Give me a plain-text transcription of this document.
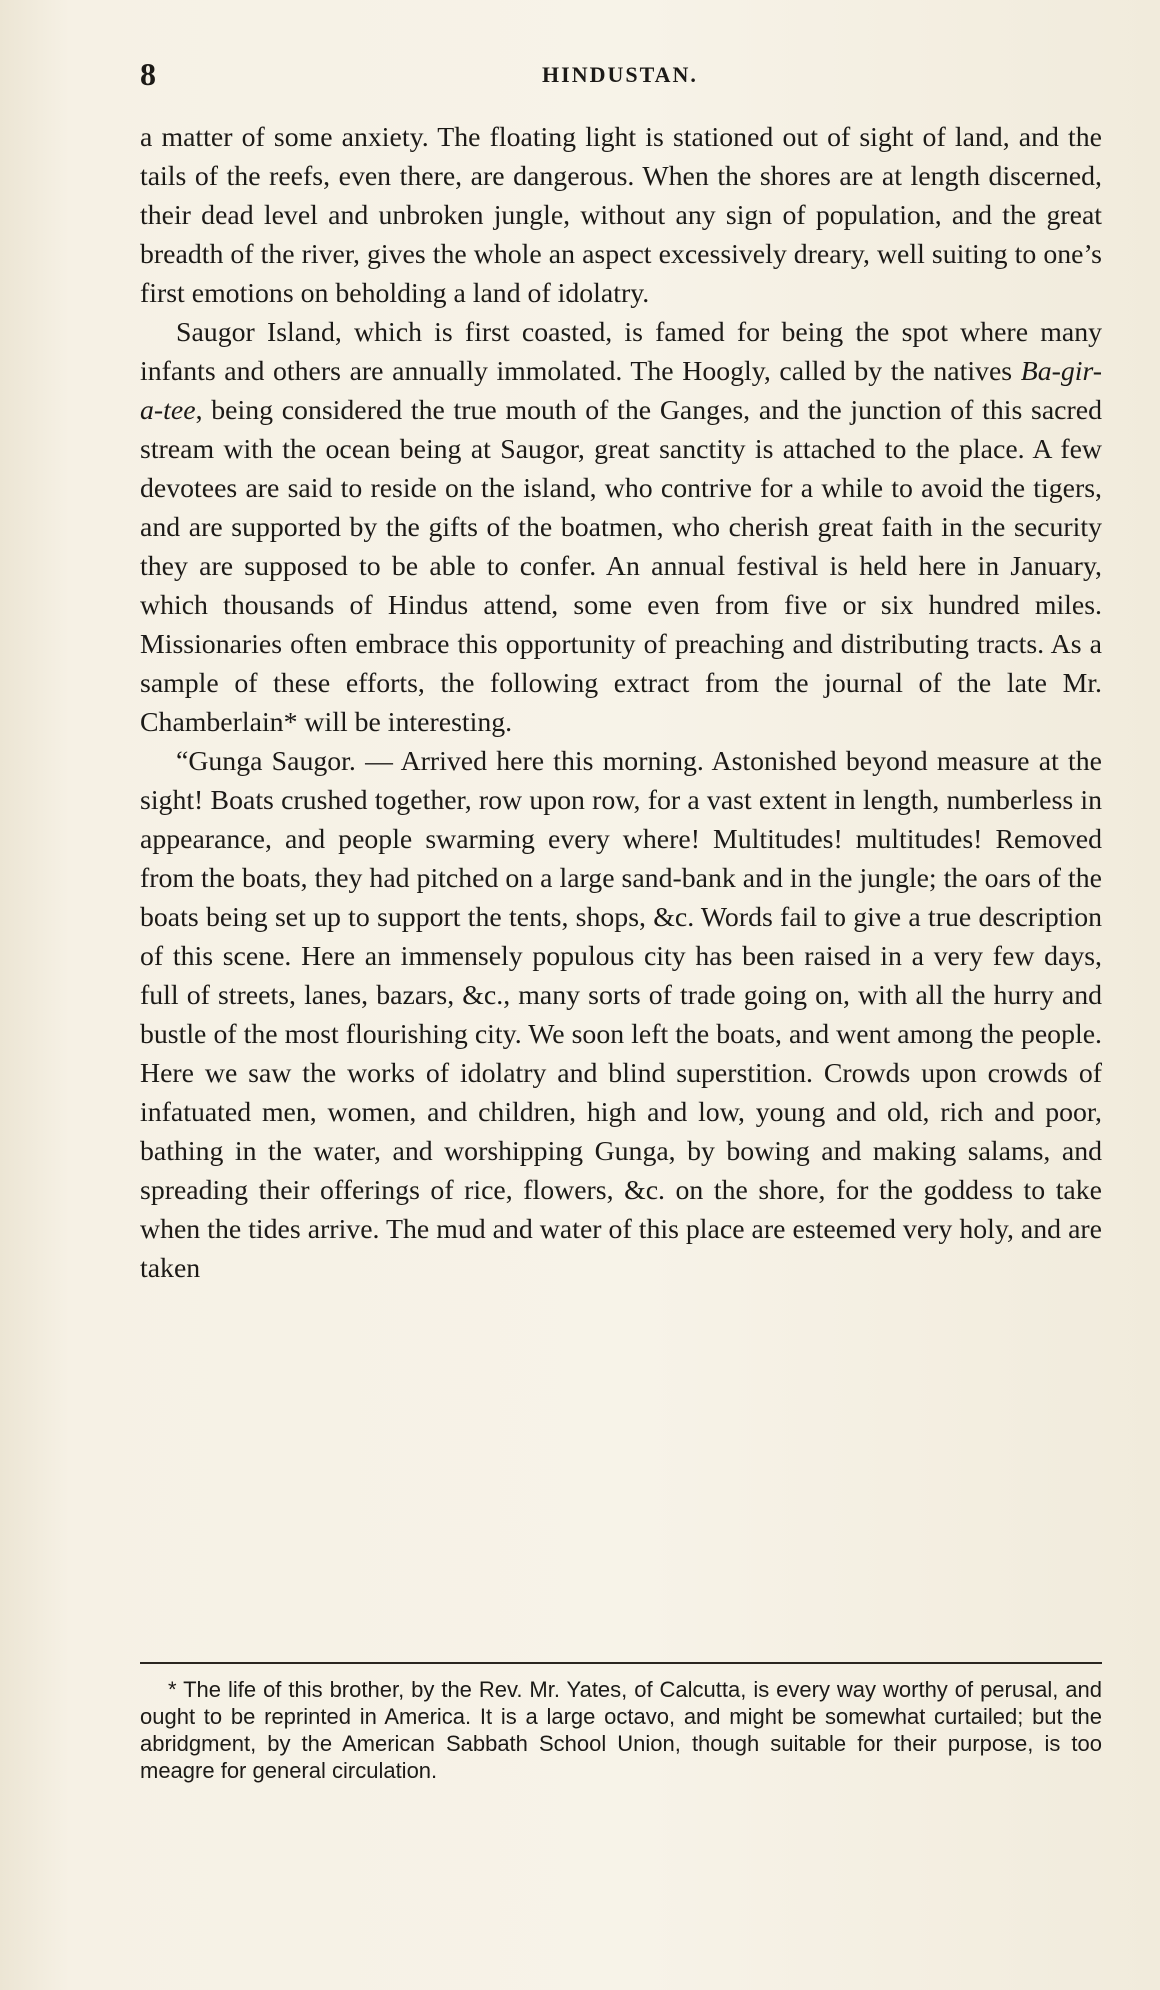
8	HINDUSTAN.

a matter of some anxiety. The floating light is stationed out of sight of land, and the tails of the reefs, even there, are dangerous. When the shores are at length discerned, their dead level and unbroken jungle, without any sign of population, and the great breadth of the river, gives the whole an aspect excessively dreary, well suiting to one’s first emotions on beholding a land of idolatry.

Saugor Island, which is first coasted, is famed for being the spot where many infants and others are annually immolated. The Hoogly, called by the natives Ba-gir-a-tee, being considered the true mouth of the Ganges, and the junction of this sacred stream with the ocean being at Saugor, great sanctity is attached to the place. A few devotees are said to reside on the island, who contrive for a while to avoid the tigers, and are supported by the gifts of the boatmen, who cherish great faith in the security they are supposed to be able to confer. An annual festival is held here in January, which thousands of Hindus attend, some even from five or six hundred miles. Missionaries often embrace this opportunity of preaching and distributing tracts. As a sample of these efforts, the following extract from the journal of the late Mr. Chamberlain* will be interesting.

“Gunga Saugor. — Arrived here this morning. Astonished beyond measure at the sight! Boats crushed together, row upon row, for a vast extent in length, numberless in appearance, and people swarming every where! Multitudes! multitudes! Removed from the boats, they had pitched on a large sand-bank and in the jungle; the oars of the boats being set up to support the tents, shops, &c. Words fail to give a true description of this scene. Here an immensely populous city has been raised in a very few days, full of streets, lanes, bazars, &c., many sorts of trade going on, with all the hurry and bustle of the most flourishing city. We soon left the boats, and went among the people. Here we saw the works of idolatry and blind superstition. Crowds upon crowds of infatuated men, women, and children, high and low, young and old, rich and poor, bathing in the water, and worshipping Gunga, by bowing and making salams, and spreading their offerings of rice, flowers, &c. on the shore, for the goddess to take when the tides arrive. The mud and water of this place are esteemed very holy, and are taken

* The life of this brother, by the Rev. Mr. Yates, of Calcutta, is every way worthy of perusal, and ought to be reprinted in America. It is a large octavo, and might be somewhat curtailed; but the abridgment, by the American Sabbath School Union, though suitable for their purpose, is too meagre for general circulation.
